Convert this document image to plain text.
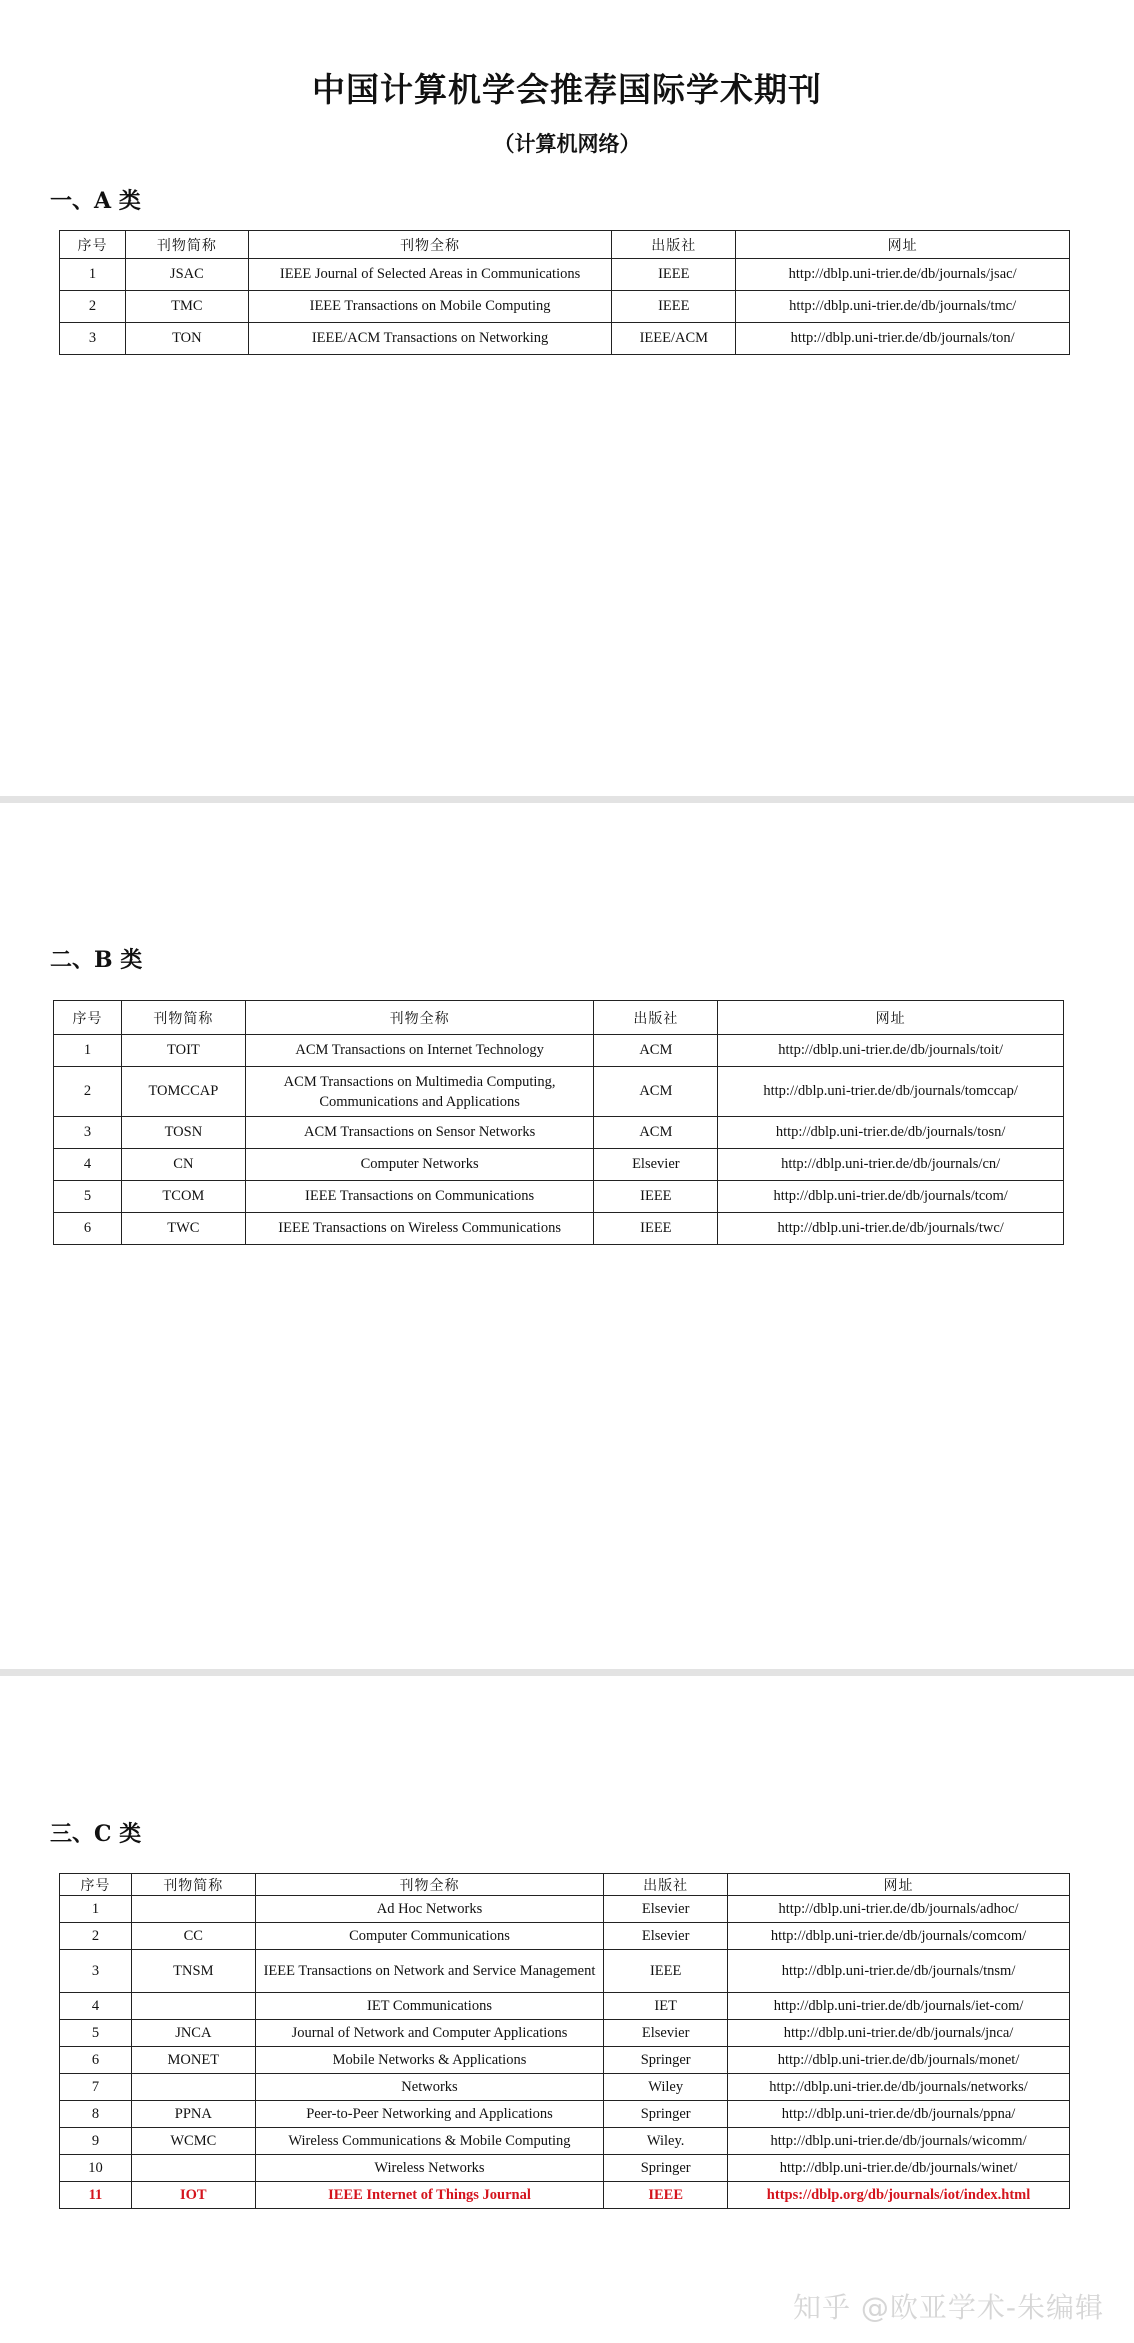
中国计算机学会推荐国际学术期刊
（计算机网络）
一、A 类
序号	刊物简称	刊物全称	出版社	网址
1	JSAC	IEEE Journal of Selected Areas in Communications	IEEE	http://dblp.uni-trier.de/db/journals/jsac/
2	TMC	IEEE Transactions on Mobile Computing	IEEE	http://dblp.uni-trier.de/db/journals/tmc/
3	TON	IEEE/ACM Transactions on Networking	IEEE/ACM	http://dblp.uni-trier.de/db/journals/ton/
二、B 类
序号	刊物简称	刊物全称	出版社	网址
1	TOIT	ACM Transactions on Internet Technology	ACM	http://dblp.uni-trier.de/db/journals/toit/
2	TOMCCAP	ACM Transactions on Multimedia Computing, Communications and Applications	ACM	http://dblp.uni-trier.de/db/journals/tomccap/
3	TOSN	ACM Transactions on Sensor Networks	ACM	http://dblp.uni-trier.de/db/journals/tosn/
4	CN	Computer Networks	Elsevier	http://dblp.uni-trier.de/db/journals/cn/
5	TCOM	IEEE Transactions on Communications	IEEE	http://dblp.uni-trier.de/db/journals/tcom/
6	TWC	IEEE Transactions on Wireless Communications	IEEE	http://dblp.uni-trier.de/db/journals/twc/
三、C 类
序号	刊物简称	刊物全称	出版社	网址
1		Ad Hoc Networks	Elsevier	http://dblp.uni-trier.de/db/journals/adhoc/
2	CC	Computer Communications	Elsevier	http://dblp.uni-trier.de/db/journals/comcom/
3	TNSM	IEEE Transactions on Network and Service Management	IEEE	http://dblp.uni-trier.de/db/journals/tnsm/
4		IET Communications	IET	http://dblp.uni-trier.de/db/journals/iet-com/
5	JNCA	Journal of Network and Computer Applications	Elsevier	http://dblp.uni-trier.de/db/journals/jnca/
6	MONET	Mobile Networks & Applications	Springer	http://dblp.uni-trier.de/db/journals/monet/
7		Networks	Wiley	http://dblp.uni-trier.de/db/journals/networks/
8	PPNA	Peer-to-Peer Networking and Applications	Springer	http://dblp.uni-trier.de/db/journals/ppna/
9	WCMC	Wireless Communications & Mobile Computing	Wiley.	http://dblp.uni-trier.de/db/journals/wicomm/
10		Wireless Networks	Springer	http://dblp.uni-trier.de/db/journals/winet/
11	IOT	IEEE Internet of Things Journal	IEEE	https://dblp.org/db/journals/iot/index.html
知乎 @欧亚学术-朱编辑
